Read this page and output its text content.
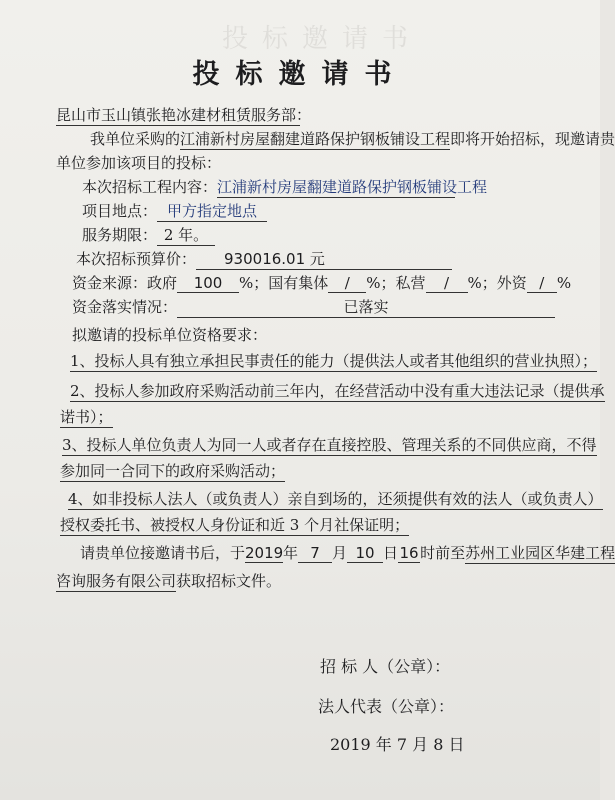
投标邀请书
投标邀请书
昆山市玉山镇张艳冰建材租赁服务部：
我单位采购的江浦新村房屋翻建道路保护钢板铺设工程即将开始招标，现邀请贵
单位参加该项目的投标：
本次招标工程内容：江浦新村房屋翻建道路保护钢板铺设工程
项目地点： 甲方指定地点
服务期限： 2 年。
本次招标预算价： 930016.01 元
资金来源：政府 100 %；国有集体 / %；私营 / %；外资 / %
资金落实情况：	已落实
拟邀请的投标单位资格要求：
1、投标人具有独立承担民事责任的能力（提供法人或者其他组织的营业执照）；
2、投标人参加政府采购活动前三年内，在经营活动中没有重大违法记录（提供承
诺书）；
3、投标人单位负责人为同一人或者存在直接控股、管理关系的不同供应商，不得
参加同一合同下的政府采购活动；
4、如非投标人法人（或负责人）亲自到场的，还须提供有效的法人（或负责人）
授权委托书、被授权人身份证和近 3 个月社保证明；
请贵单位接邀请书后，于2019年 7 月 10 日16时前至苏州工业园区华建工程
咨询服务有限公司获取招标文件。
招 标 人（公章）：
法人代表（公章）：
2019 年 7 月 8 日
